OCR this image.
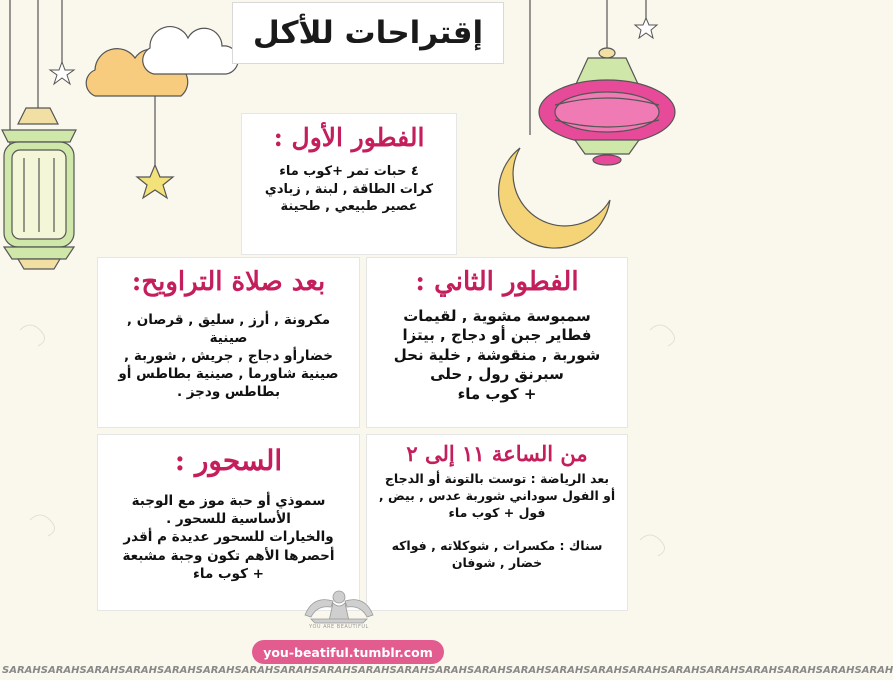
إقتراحات للأكل
الفطور الأول :

٤ حبات تمر +كوب ماء

كرات الطاقة , لبنة , زبادي

عصير طبيعي , طحينة

بعد صلاة التراويح:

مكرونة , أرز , سليق , قرصان , صينية

خضارأو دجاج , جريش , شوربة ,

صينية شاورما , صينية بطاطس أو

بطاطس ودجز .

الفطور الثاني :

سمبوسة مشوية , لقيمات

فطاير جبن أو دجاج , بيتزا

شوربة , منقوشة , خلية نحل

سبرنق رول , حلى

+ كوب ماء

السحور :

سموذي أو حبة موز مع الوجبة

الأساسية للسحور .

والخيارات للسحور عديدة م أقدر

أحصرها الأهم تكون وجبة مشبعة

+ كوب ماء

من الساعة ١١ إلى ٢

بعد الرياضة : توست بالتونة أو الدجاج

أو الفول سوداني شوربة عدس , بيض ,

فول + كوب ماء

سناك : مكسرات , شوكلاته , فواكه

خضار , شوفان

YOU ARE BEAUTIFUL
you-beatiful.tumblr.com
SARAH SARAH SARAH SARAH SARAH SARAH SARAH SARAH SARAH SARAH SARAH SARAH SARAH SARAH SARAH SARAH SARAH SARAH SARAH SARAH SARAH SARAH SARAH
